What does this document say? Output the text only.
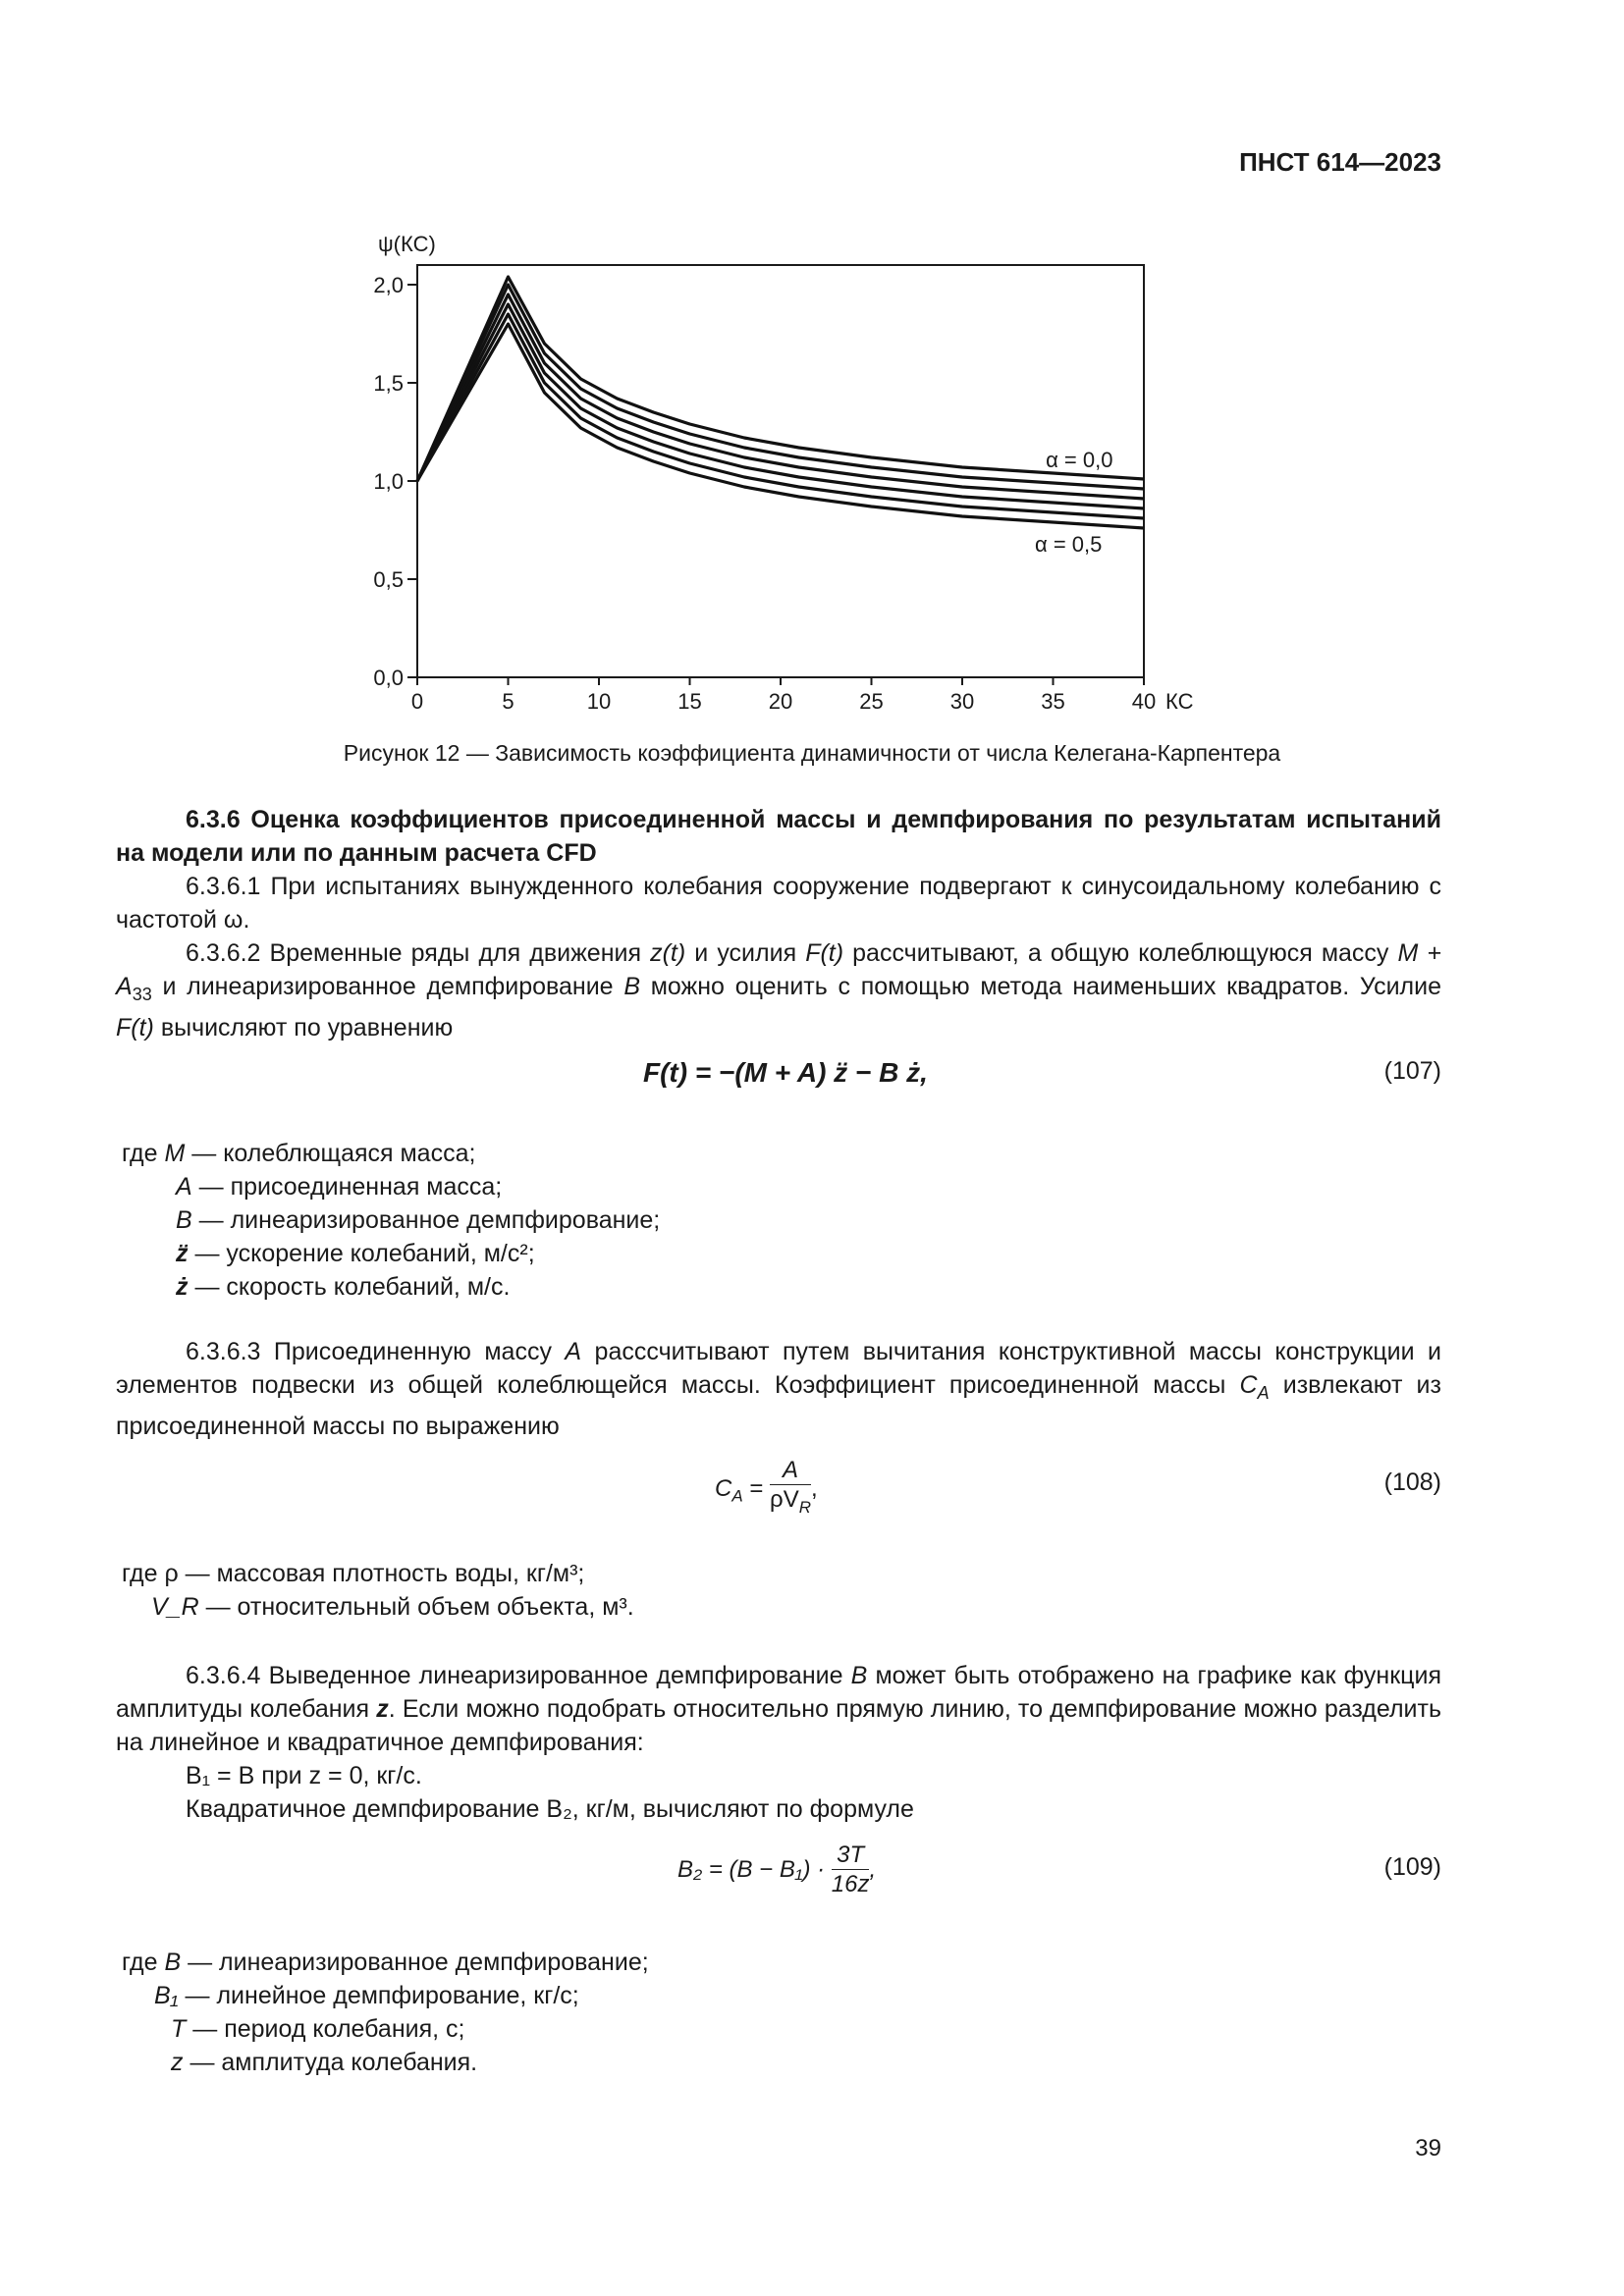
ПНСТ 614—2023
0,0
0,5
1,0
1,5
2,0
0	5	10	15	20	25	30	35	40
ψ(КС)
КС
α = 0,0
α = 0,5
Рисунок 12 — Зависимость коэффициента динамичности от числа Келегана-Карпентера
6.3.6 Оценка коэффициентов присоединенной массы и демпфирования по результатам испытаний на модели или по данным расчета CFD
6.3.6.1 При испытаниях вынужденного колебания сооружение подвергают к синусоидальному колебанию с частотой ω.
6.3.6.2 Временные ряды для движения z(t) и усилия F(t) рассчитывают, а общую колеблющуюся массу $M + A_{33}$ и линеаризированное демпфирование B можно оценить с помощью метода наименьших квадратов. Усилие F(t) вычисляют по уравнению
F(t) = −(M + A) z̈ − B ż,	(107)
где M — колеблющаяся масса;
A — присоединенная масса;
B — линеаризированное демпфирование;
z̈ — ускорение колебаний, м/с²;
ż — скорость колебаний, м/с.
6.3.6.3 Присоединенную массу A расссчитывают путем вычитания конструктивной массы конструкции и элементов подвески из общей колеблющейся массы. Коэффициент присоединенной массы $C_A$ извлекают из присоединенной массы по выражению
$C_A = \frac{A}{\rho V_R}$ ,	(108)
где ρ — массовая плотность воды, кг/м³;
V_R — относительный объем объекта, м³.
6.3.6.4 Выведенное линеаризированное демпфирование B может быть отображено на графике как функция амплитуды колебания z. Если можно подобрать относительно прямую линию, то демпфирование можно разделить на линейное и квадратичное демпфирования:
B₁ = B при z = 0, кг/с.
Квадратичное демпфирование B₂, кг/м, вычисляют по формуле
$B_2 = (B - B_1) \cdot \frac{3T}{16z}$ ,	(109)
где B — линеаризированное демпфирование;
B₁ — линейное демпфирование, кг/с;
T — период колебания, с;
z — амплитуда колебания.
39
